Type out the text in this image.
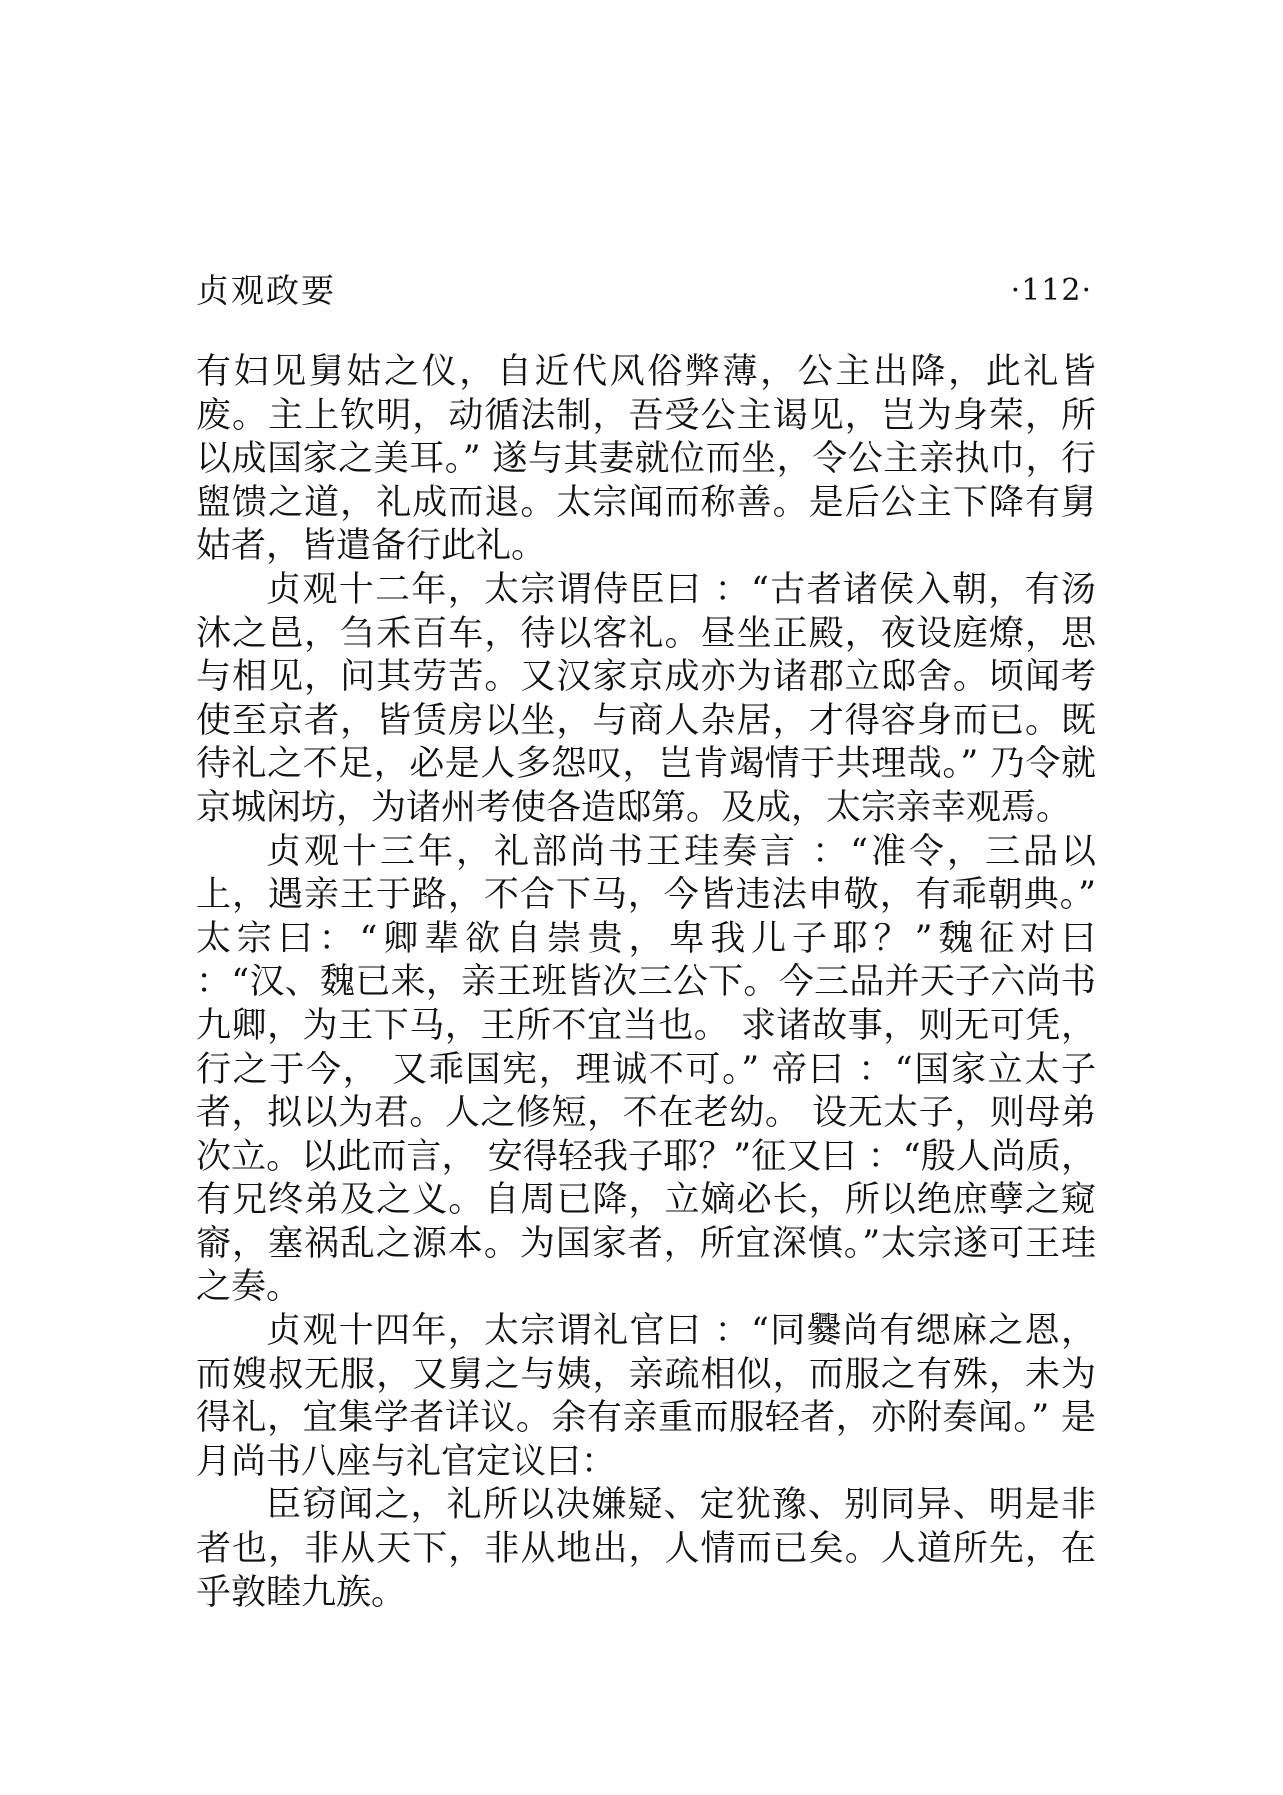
贞观政要	·112·

有妇见舅姑之仪，自近代风俗弊薄，公主出降，此礼皆废。主上钦明，动循法制，吾受公主谒见，岂为身荣，所以成国家之美耳。” 遂与其妻就位而坐，令公主亲执巾，行盥馈之道，礼成而退。太宗闻而称善。是后公主下降有舅姑者，皆遣备行此礼。

贞观十二年，太宗谓侍臣曰 ：“古者诸侯入朝，有汤沐之邑，刍禾百车，待以客礼。昼坐正殿，夜设庭燎，思与相见，问其劳苦。又汉家京成亦为诸郡立邸舍。顷闻考使至京者，皆赁房以坐，与商人杂居，才得容身而已。既待礼之不足，必是人多怨叹，岂肯竭情于共理哉。” 乃令就京城闲坊，为诸州考使各造邸第。及成，太宗亲幸观焉。

贞观十三年，礼部尚书王珪奏言 ：“准令，三品以上，遇亲王于路，不合下马，今皆违法申敬，有乖朝典。” 太宗曰：“卿辈欲自崇贵，卑我儿子耶？”魏征对曰 ：“汉、魏已来，亲王班皆次三公下。今三品并天子六尚书九卿，为王下马，王所不宜当也。 求诸故事，则无可凭，行之于今， 又乖国宪，理诚不可。” 帝曰 ：“国家立太子者，拟以为君。人之修短，不在老幼。 设无太子，则母弟次立。以此而言， 安得轻我子耶？”征又曰 ：“殷人尚质，有兄终弟及之义。自周已降，立嫡必长，所以绝庶孽之窥窬，塞祸乱之源本。为国家者，所宜深慎。”太宗遂可王珪之奏。

贞观十四年，太宗谓礼官曰 ：“同爨尚有缌麻之恩，而嫂叔无服，又舅之与姨，亲疏相似，而服之有殊，未为得礼，宜集学者详议。余有亲重而服轻者，亦附奏闻。” 是月尚书八座与礼官定议曰：

臣窃闻之，礼所以决嫌疑、定犹豫、别同异、明是非者也，非从天下，非从地出，人情而已矣。人道所先，在乎敦睦九族。
